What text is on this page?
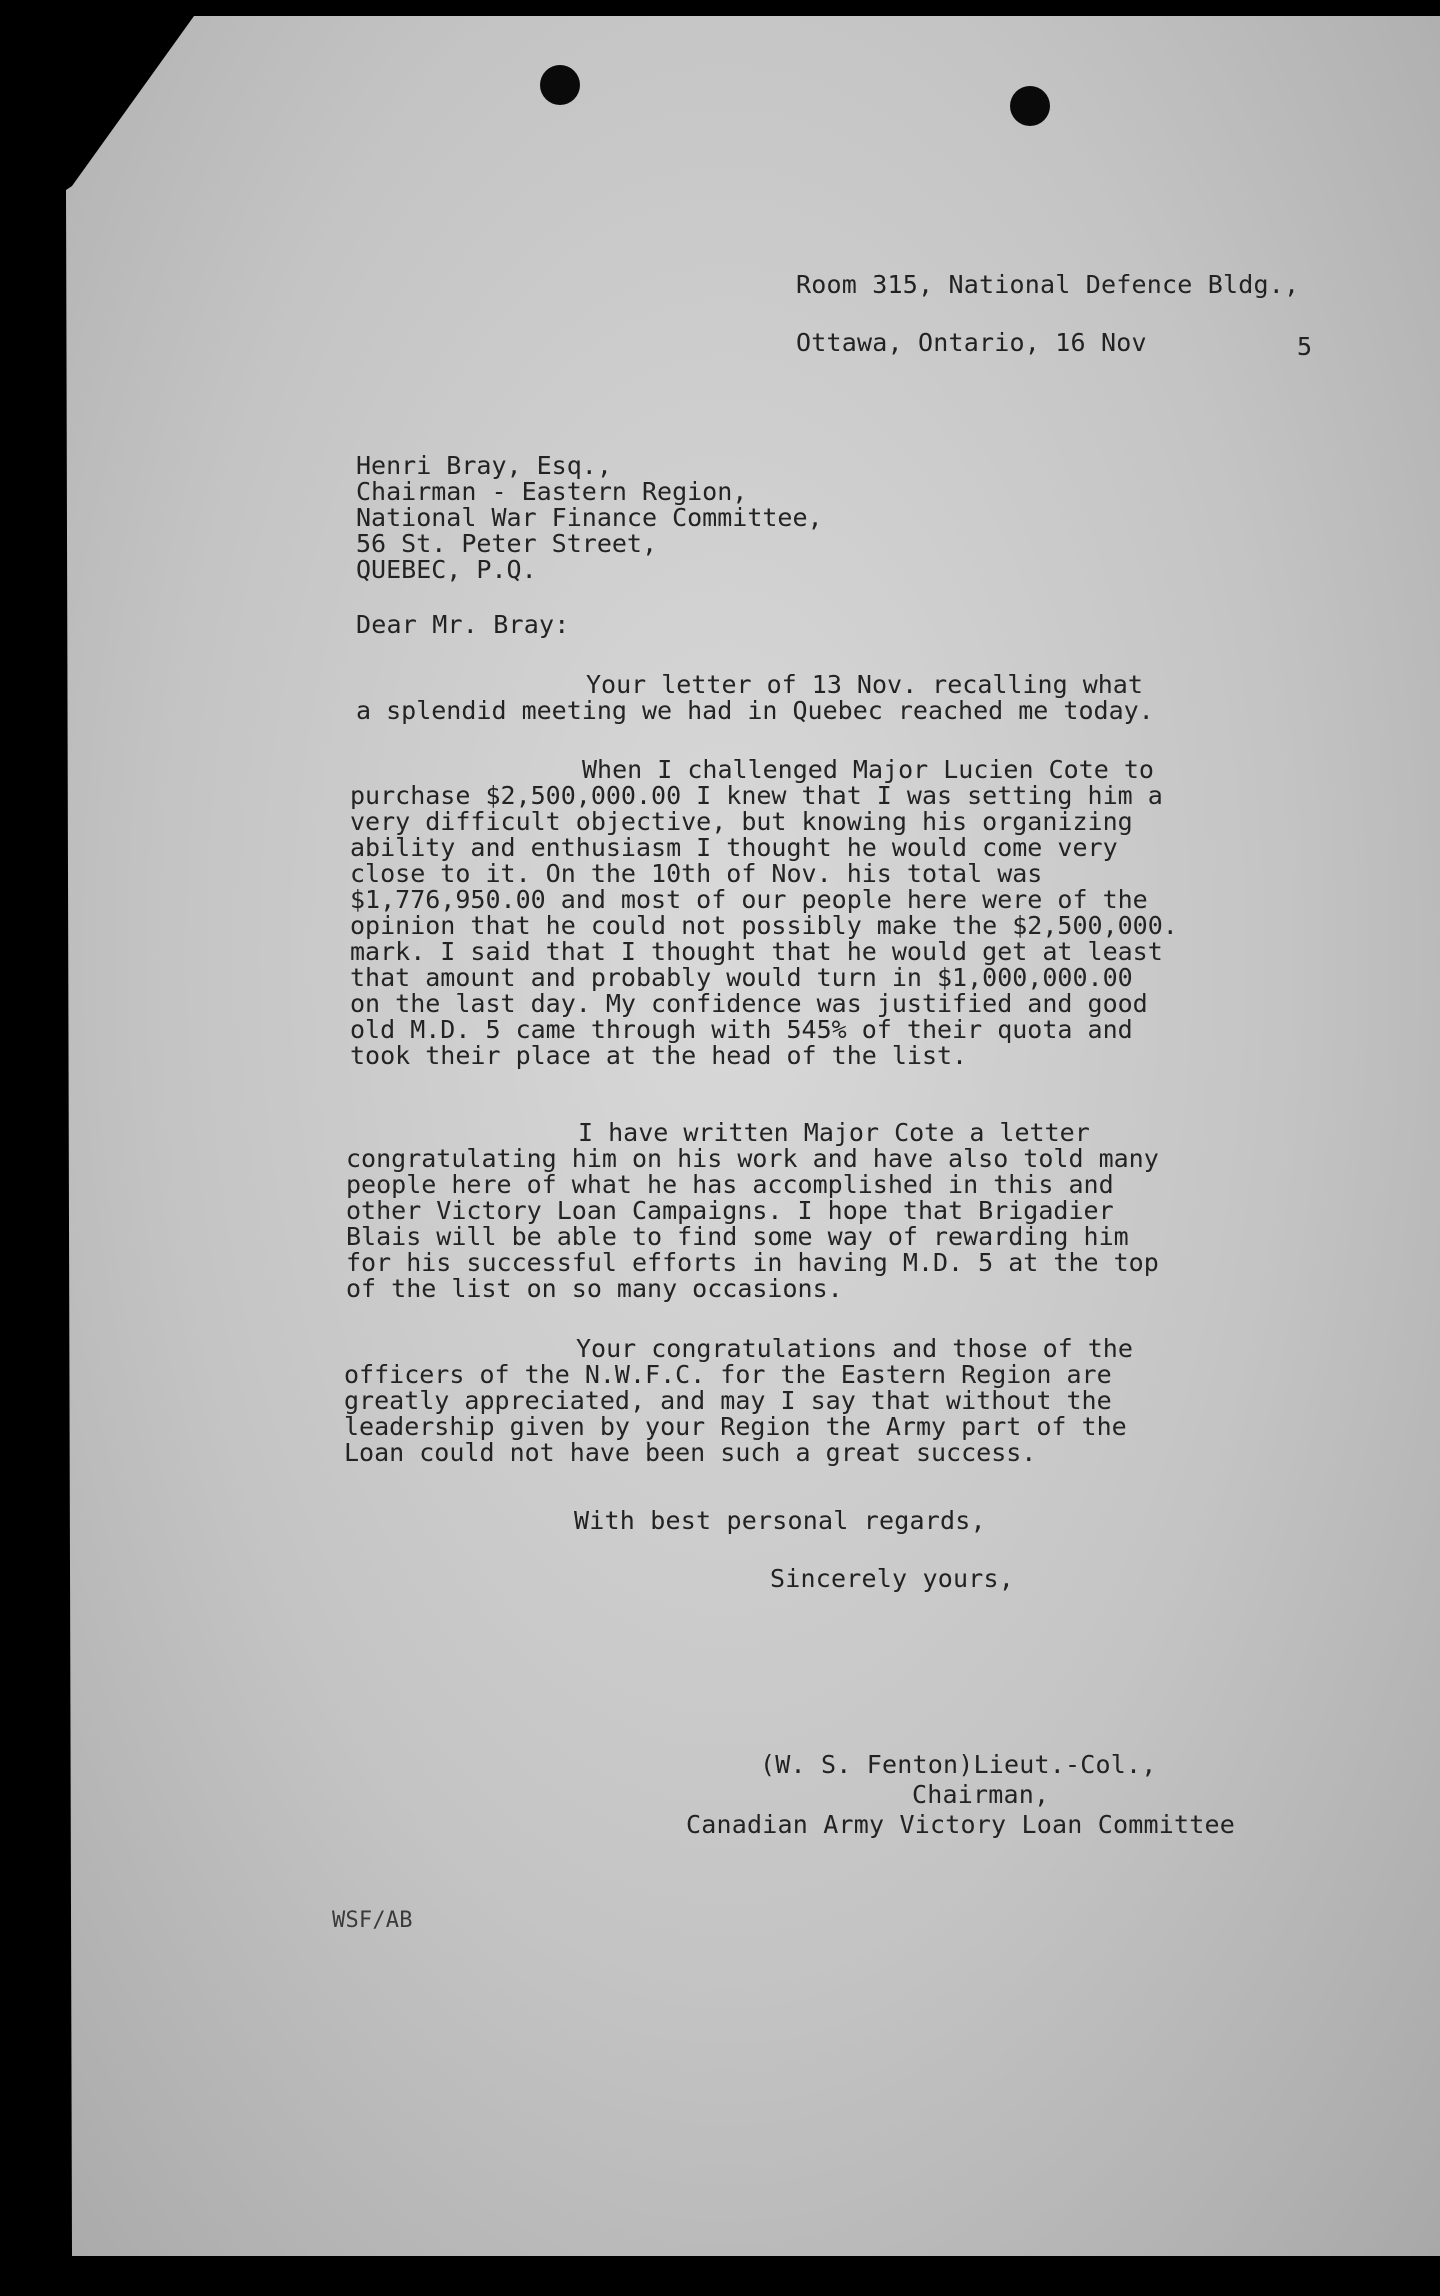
Room 315, National Defence Bldg.,
Ottawa, Ontario, 16 Nov	5
Henri Bray, Esq.,
Chairman - Eastern Region,
National War Finance Committee,
56 St. Peter Street,
QUEBEC, P.Q.
Dear Mr. Bray:
Your letter of 13 Nov. recalling what
a splendid meeting we had in Quebec reached me today.
When I challenged Major Lucien Cote to
purchase $2,500,000.00 I knew that I was setting him a
very difficult objective, but knowing his organizing
ability and enthusiasm I thought he would come very
close to it. On the 10th of Nov. his total was
$1,776,950.00 and most of our people here were of the
opinion that he could not possibly make the $2,500,000.
mark. I said that I thought that he would get at least
that amount and probably would turn in $1,000,000.00
on the last day. My confidence was justified and good
old M.D. 5 came through with 545% of their quota and
took their place at the head of the list.
I have written Major Cote a letter
congratulating him on his work and have also told many
people here of what he has accomplished in this and
other Victory Loan Campaigns. I hope that Brigadier
Blais will be able to find some way of rewarding him
for his successful efforts in having M.D. 5 at the top
of the list on so many occasions.
Your congratulations and those of the
officers of the N.W.F.C. for the Eastern Region are
greatly appreciated, and may I say that without the
leadership given by your Region the Army part of the
Loan could not have been such a great success.
With best personal regards,
Sincerely yours,
(W. S. Fenton)Lieut.-Col.,
Chairman,
Canadian Army Victory Loan Committee
WSF/AB
